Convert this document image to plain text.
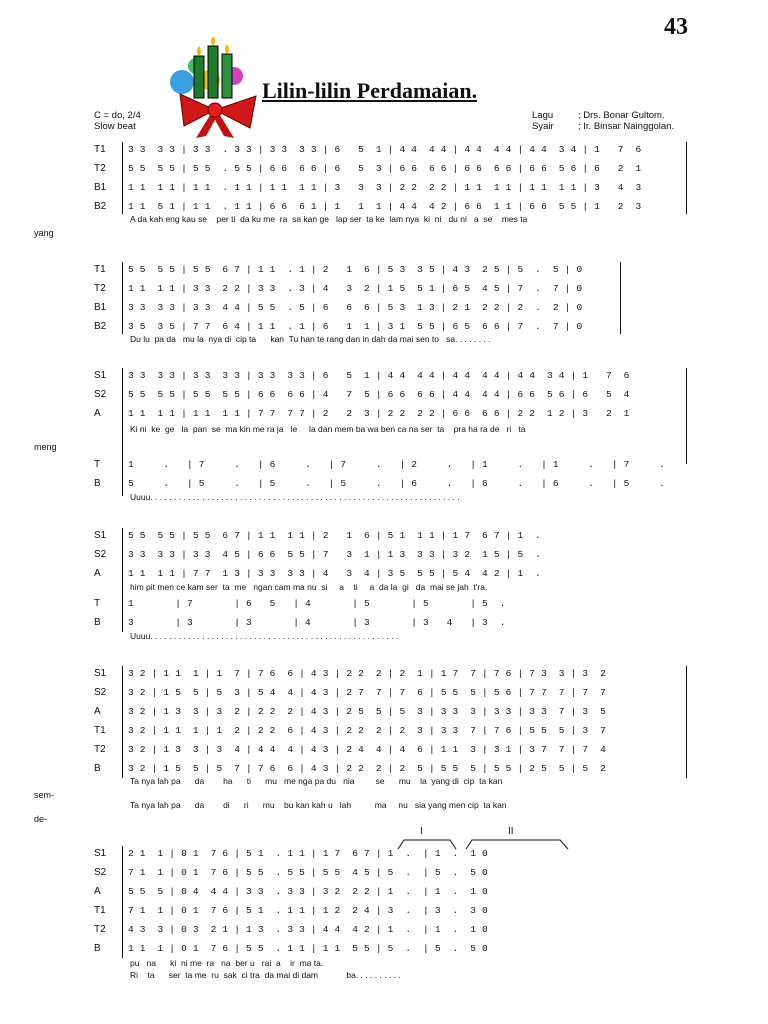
43
Lilin-lilin Perdamaian.
C = do, 2/4
Slow beat
Lagu	; Drs. Bonar Gultom.
Syair	; Ir. Binsar Nainggolan.
T1 3 3  3 3 | 3 3  . 3 3 | 3 3  3 3 | 6   5  1 | 4 4  4 4 | 4 4  4 4 | 4 4  3 4 | 1   7  6
T2 5 5  5 5 | 5 5  . 5 5 | 6 6  6 6 | 6   5  3 | 6 6  6 6 | 6 6  6 6 | 6 6  5 6 | 6   2  1
B1 1 1  1 1 | 1 1  . 1 1 | 1 1  1 1 | 3   3  3 | 2 2  2 2 | 1 1  1 1 | 1 1  1 1 | 3   4  3
B2 1 1  5 1 | 1 1  . 1 1 | 6 6  6 1 | 1   1  1 | 4 4  4 2 | 6 6  1 1 | 6 6  5 5 | 1   2  3
A da kah eng kau se    per ti  da ku me  ra  sa kan ge   lap ser  ta ke  lam nya  ki  ni   du ni   a  se    mes ta
yang
T1 5 5  5 5 | 5 5  6 7 | 1 1  . 1 | 2   1  6 | 5 3  3 5 | 4 3  2 5 | 5  .  5 | 0
T2 1 1  1 1 | 3 3  2 2 | 3 3  . 3 | 4   3  2 | 1 5  5 1 | 6 5  4 5 | 7  .  7 | 0
B1 3 3  3 3 | 3 3  4 4 | 5 5  . 5 | 6   6  6 | 5 3  1 3 | 2 1  2 2 | 2  .  2 | 0
B2 3 5  3 5 | 7 7  6 4 | 1 1  . 1 | 6   1  1 | 3 1  5 5 | 6 5  6 6 | 7  .  7 | 0
Du lu  pa da   mu la  nya di  cip ta      kan  Tu han te rang dan in dah da mai sen to   sa. . . . . . . .
S1 3 3  3 3 | 3 3  3 3 | 3 3  3 3 | 6   5  1 | 4 4  4 4 | 4 4  4 4 | 4 4  3 4 | 1   7  6
S2 5 5  5 5 | 5 5  5 5 | 6 6  6 6 | 4   7  5 | 6 6  6 6 | 4 4  4 4 | 6 6  5 6 | 6   5  4
A	1 1  1 1 | 1 1  1 1 | 7 7  7 7 | 2   2  3 | 2 2  2 2 | 6 6  6 6 | 2 2  1 2 | 3   2  1
Ki ni  ke  ge   la  pan  se  ma kin me ra ja   le     la dan mem ba wa ben ca na ser  ta    pra ha ra de   ri   ta
meng
T	1     .   | 7     .   | 6     .   | 7     .   | 2     .   | 1     .   | 1     .   | 7     .
B	5     .   | 5     .   | 5     .   | 5     .   | 6     .   | 6     .   | 6     .   | 5     .
Uuuu. . . . . . . . . . . . . . . . . . . . . . . . . . . . . . . . . . . . . . . . . . . . . . . . . . . . . . . . . . . . . . . . . .
S1 5 5  5 5 | 5 5  6 7 | 1 1  1 1 | 2   1  6 | 5 1  1 1 | 1 7  6 7 | 1  .
S2 3 3  3 3 | 3 3  4 5 | 6 6  5 5 | 7   3  1 | 1 3  3 3 | 3 2  1 5 | 5  .
A	1 1  1 1 | 7 7  1 3 | 3 3  3 3 | 4   3  4 | 3 5  5 5 | 5 4  4 2 | 1  .
him pit men ce kam ser  ta  me   ngan cam ma nu  si     a    ti     a  da la  gi   da  mai se jah  t'ra.
T	1       | 7       | 6   5   | 4       | 5       | 5       | 5  .
B	3       | 3       | 3       | 4       | 3       | 3   4   | 3  .
Uuuu. . . . . . . . . . . . . . . . . . . . . . . . . . . . . . . . . . . . . . . . . . . . . . . . . . . . .
S1 3 2 | 1 1  1 | 1  7 | 7 6  6 | 4 3 | 2 2  2 | 2  1 | 1 7  7 | 7 6 | 7 3  3 | 3  2
S2 3 2 | 1 5  5 | 5  3 | 5 4  4 | 4 3 | 2 7  7 | 7  6 | 5 5  5 | 5 6 | 7 7  7 | 7  7
A	3 2 | 1 3  3 | 3  2 | 2 2  2 | 4 3 | 2 5  5 | 5  3 | 3 3  3 | 3 3 | 3 3  7 | 3  5
T1 3 2 | 1 1  1 | 1  2 | 2 2  6 | 4 3 | 2 2  2 | 2  3 | 3 3  7 | 7 6 | 5 5  5 | 3  7
T2 3 2 | 1 3  3 | 3  4 | 4 4  4 | 4 3 | 2 4  4 | 4  6 | 1 1  3 | 3 1 | 3 7  7 | 7  4
B	3 2 | 1 5  5 | 5  7 | 7 6  6 | 4 3 | 2 2  2 | 2  5 | 5 5  5 | 5 5 | 2 5  5 | 5  2
Ta nya lah pa      da        ha      ti      mu   me nga pa du   nia         se      mu    la  yang di  cip  ta kan
sem-
Ta nya lah pa      da        di      ri      mu    bu kan kah u   lah          ma     nu   sia yang men cip  ta kan
de-
I	II
S1 2 1  1 | 0 1  7 6 | 5 1  . 1 1 | 1 7  6 7 | 1  .  | 1  .  1 0
S2 7 1  1 | 0 1  7 6 | 5 5  . 5 5 | 5 5  4 5 | 5  .  | 5  .  5 0
A	5 5  5 | 0 4  4 4 | 3 3  . 3 3 | 3 2  2 2 | 1  .  | 1  .  1 0
T1 7 1  1 | 0 1  7 6 | 5 1  . 1 1 | 1 2  2 4 | 3  .  | 3  .  3 0
T2 4 3  3 | 0 3  2 1 | 1 3  . 3 3 | 4 4  4 2 | 1  .  | 1  .  1 0
B	1 1  1 | 0 1  7 6 | 5 5  . 1 1 | 1 1  5 5 | 5  .  | 5  .  5 0
pu   na      ki  ni me  ra   na  ber u   rai  a    ir  ma ta.
Ri    ta      ser  ta me  ru  sak  ci tra  da mai di dam            ba. . . . . . . . . .
